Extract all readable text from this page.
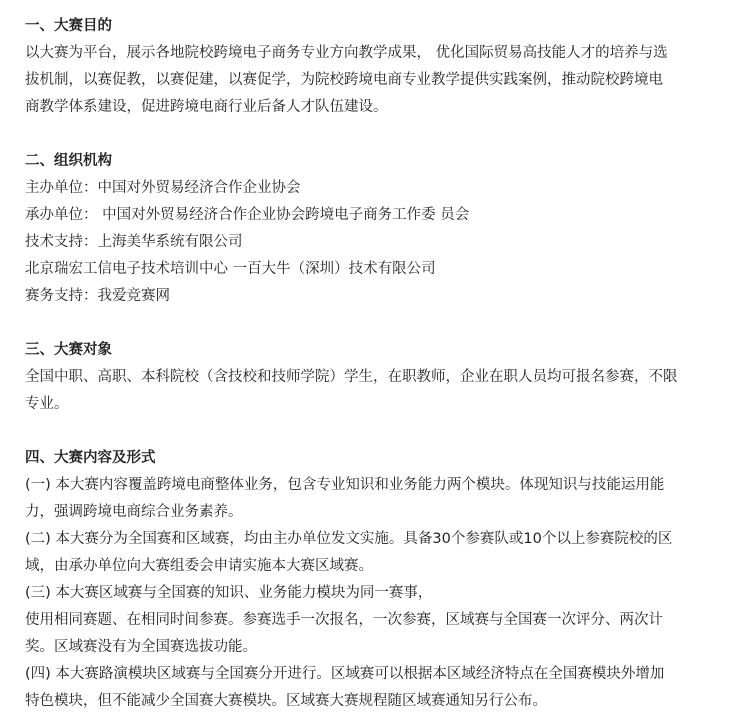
一、大赛目的
以大赛为平台，展示各地院校跨境电子商务专业方向教学成果， 优化国际贸易高技能人才的培养与选
拔机制，以赛促教，以赛促建，以赛促学，为院校跨境电商专业教学提供实践案例，推动院校跨境电
商教学体系建设，促进跨境电商行业后备人才队伍建设。
二、组织机构
主办单位：中国对外贸易经济合作企业协会
承办单位： 中国对外贸易经济合作企业协会跨境电子商务工作委 员会
技术支持：上海美华系统有限公司
北京瑞宏工信电子技术培训中心 一百大牛（深圳）技术有限公司
赛务支持：我爱竞赛网
三、大赛对象
全国中职、高职、本科院校（含技校和技师学院）学生，在职教师，企业在职人员均可报名参赛，不限
专业。
四、大赛内容及形式
(一) 本大赛内容覆盖跨境电商整体业务，包含专业知识和业务能力两个模块。体现知识与技能运用能
力，强调跨境电商综合业务素养。
(二) 本大赛分为全国赛和区域赛，均由主办单位发文实施。具备30个参赛队或10个以上参赛院校的区
域，由承办单位向大赛组委会申请实施本大赛区域赛。
(三) 本大赛区域赛与全国赛的知识、业务能力模块为同一赛事，
使用相同赛题、在相同时间参赛。参赛选手一次报名，一次参赛，区域赛与全国赛一次评分、两次计
奖。区域赛没有为全国赛选拔功能。
(四) 本大赛路演模块区域赛与全国赛分开进行。区域赛可以根据本区域经济特点在全国赛模块外增加
特色模块，但不能减少全国赛大赛模块。区域赛大赛规程随区域赛通知另行公布。
